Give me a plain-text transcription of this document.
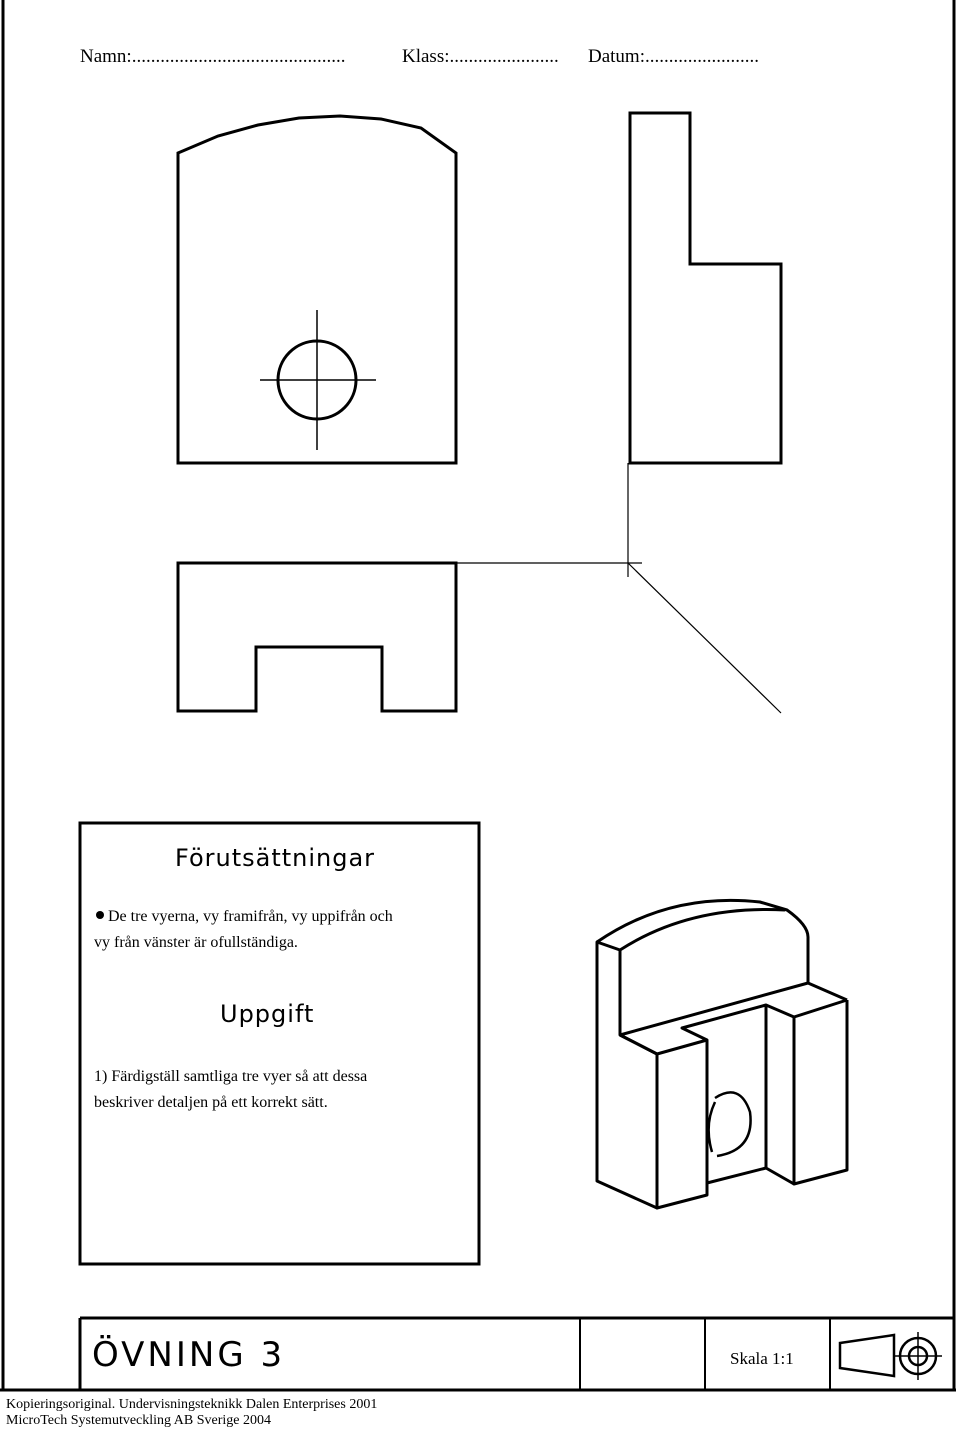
Namn:.............................................	Klass:....................... Datum:........................
Förutsättningar
De tre vyerna, vy framifrån, vy uppifrån och
vy från vänster är ofullständiga.
Uppgift
1) Färdigställ samtliga tre vyer så att dessa
beskriver detaljen på ett korrekt sätt.
ÖVNING 3	Skala 1:1
Kopieringsoriginal. Undervisningsteknikk Dalen Enterprises 2001
MicroTech Systemutveckling AB Sverige 2004
